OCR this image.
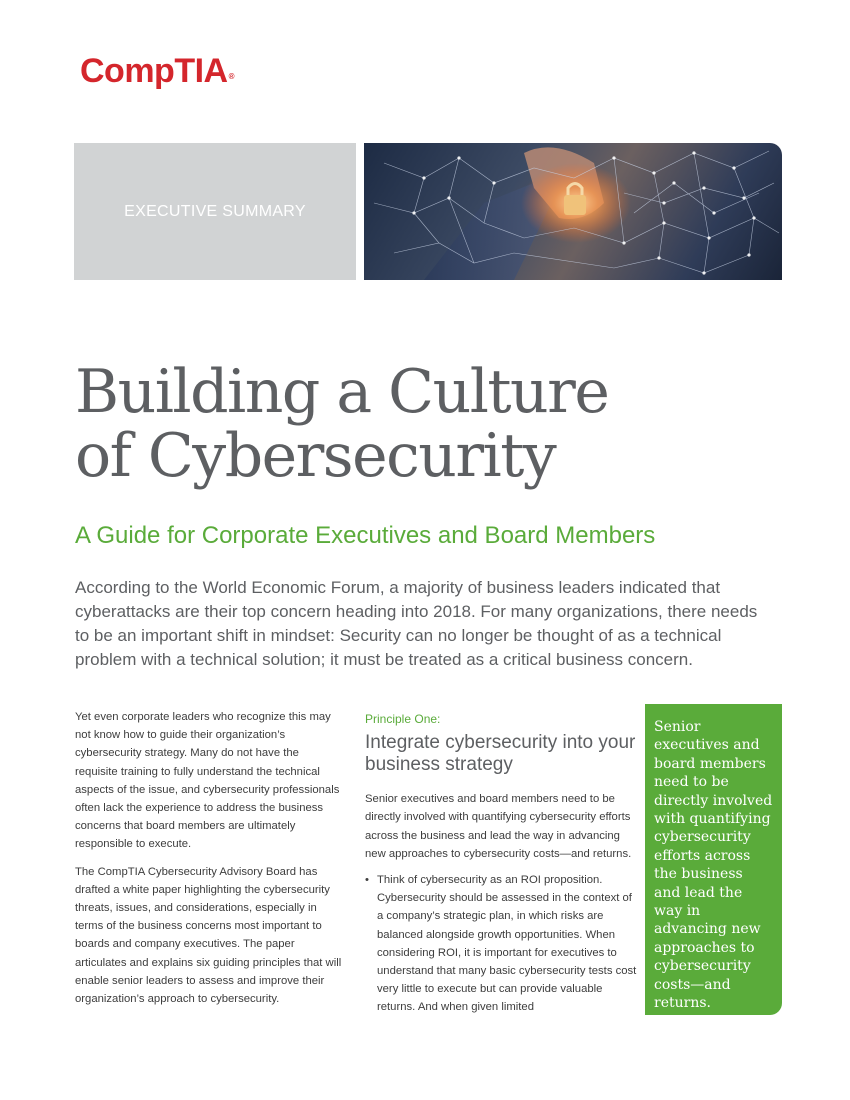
CompTIA®
EXECUTIVE SUMMARY
Building a Culture
of Cybersecurity
A Guide for Corporate Executives and Board Members

According to the World Economic Forum, a majority of business leaders indicated that cyberattacks are their top concern heading into 2018. For many organizations, there needs to be an important shift in mindset: Security can no longer be thought of as a technical problem with a technical solution; it must be treated as a critical business concern.

Yet even corporate leaders who recognize this may not know how to guide their organization’s cybersecurity strategy. Many do not have the requisite training to fully understand the technical aspects of the issue, and cybersecurity professionals often lack the experience to address the business concerns that board members are ultimately responsible to execute.

The CompTIA Cybersecurity Advisory Board has drafted a white paper highlighting the cybersecurity threats, issues, and considerations, especially in terms of the business concerns most important to boards and company executives. The paper articulates and explains six guiding principles that will enable senior leaders to assess and improve their organization’s approach to cybersecurity.

Principle One:

Integrate cybersecurity into your business strategy

Senior executives and board members need to be directly involved with quantifying cybersecurity efforts across the business and lead the way in advancing new approaches to cybersecurity costs—and returns.

• Think of cybersecurity as an ROI proposition. Cybersecurity should be assessed in the context of a company’s strategic plan, in which risks are balanced alongside growth opportunities. When considering ROI, it is important for executives to understand that many basic cybersecurity tests cost very little to execute but can provide valuable returns. And when given limited

Senior executives and board members need to be directly involved with quantifying cybersecurity efforts across the business and lead the way in advancing new approaches to cybersecurity costs—and returns.
